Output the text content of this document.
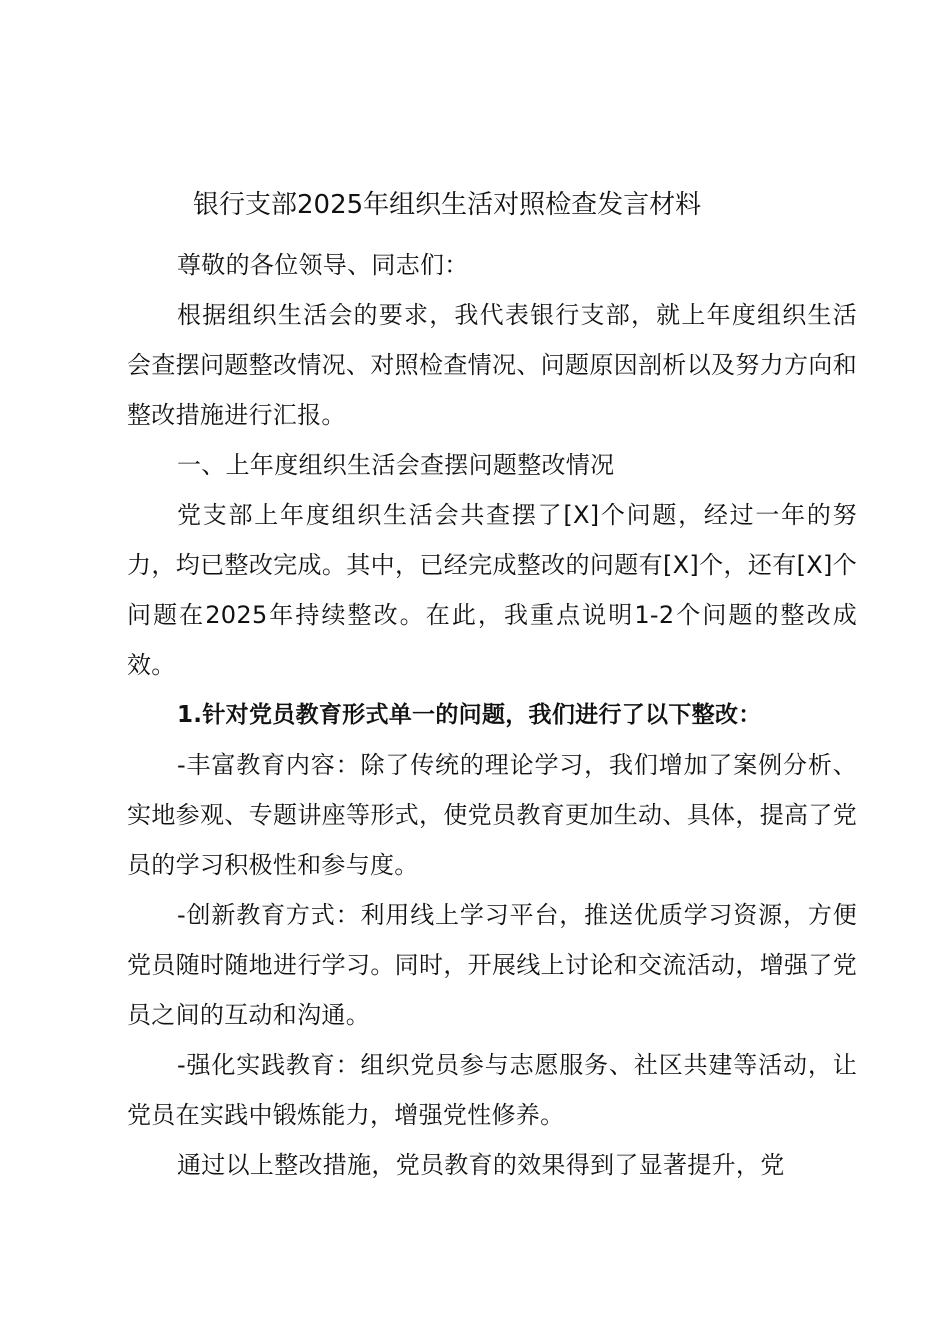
银行支部2025年组织生活对照检查发言材料

尊敬的各位领导、同志们：

根据组织生活会的要求，我代表银行支部，就上年度组织生活会查摆问题整改情况、对照检查情况、问题原因剖析以及努力方向和整改措施进行汇报。

一、上年度组织生活会查摆问题整改情况

党支部上年度组织生活会共查摆了[X]个问题，经过一年的努力，均已整改完成。其中，已经完成整改的问题有[X]个，还有[X]个问题在2025年持续整改。在此，我重点说明1-2个问题的整改成效。

1.针对党员教育形式单一的问题，我们进行了以下整改：

-丰富教育内容：除了传统的理论学习，我们增加了案例分析、实地参观、专题讲座等形式，使党员教育更加生动、具体，提高了党员的学习积极性和参与度。

-创新教育方式：利用线上学习平台，推送优质学习资源，方便党员随时随地进行学习。同时，开展线上讨论和交流活动，增强了党员之间的互动和沟通。

-强化实践教育：组织党员参与志愿服务、社区共建等活动，让党员在实践中锻炼能力，增强党性修养。

通过以上整改措施，党员教育的效果得到了显著提升，党
